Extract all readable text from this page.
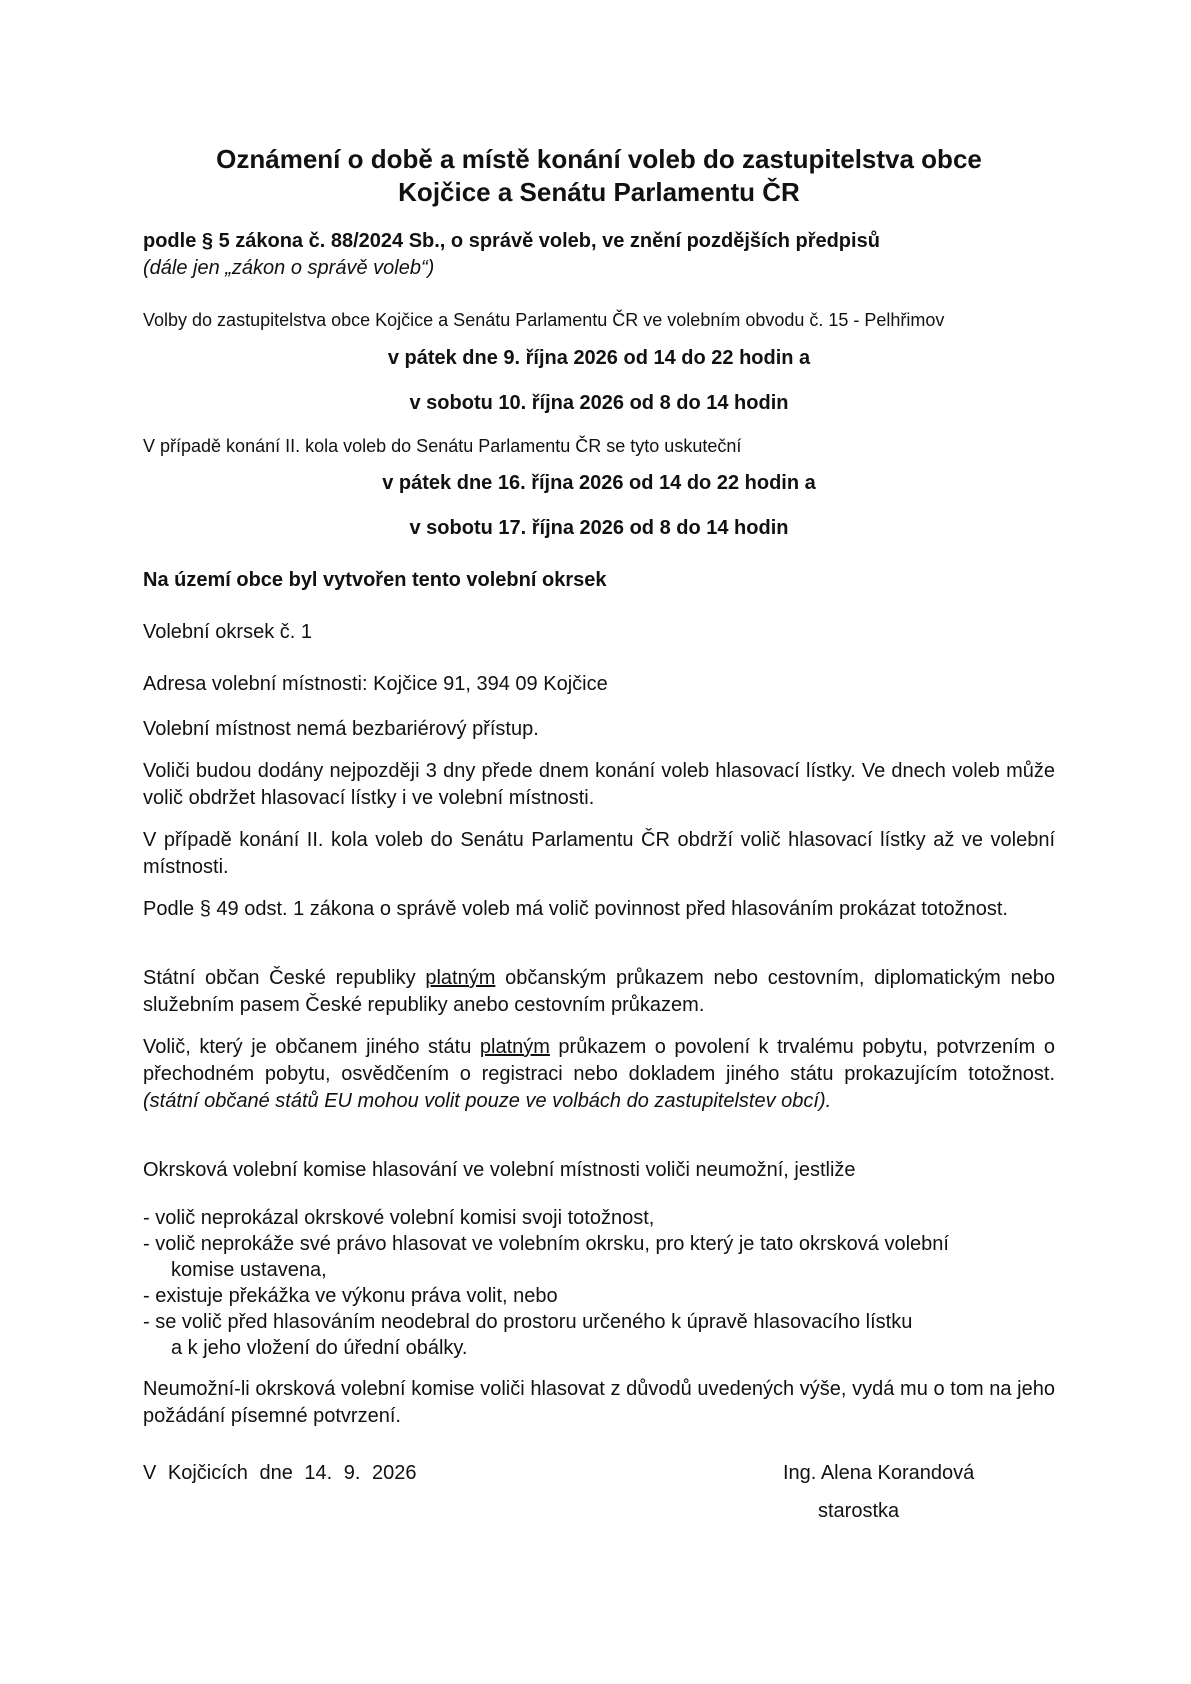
Oznámení o době a místě konání voleb do zastupitelstva obce
Kojčice a Senátu Parlamentu ČR

podle § 5 zákona č. 88/2024 Sb., o správě voleb, ve znění pozdějších předpisů

(dále jen „zákon o správě voleb“)

Volby do zastupitelstva obce Kojčice a Senátu Parlamentu ČR ve volebním obvodu č. 15 - Pelhřimov

v pátek dne 9. října 2026 od 14 do 22 hodin a
v sobotu 10. října 2026 od 8 do 14 hodin

V případě konání II. kola voleb do Senátu Parlamentu ČR se tyto uskuteční

v pátek dne 16. října 2026 od 14 do 22 hodin a
v sobotu 17. října 2026 od 8 do 14 hodin

Na území obce byl vytvořen tento volební okrsek

Volební okrsek č. 1

Adresa volební místnosti: Kojčice 91, 394 09 Kojčice

Volební místnost nemá bezbariérový přístup.

Voliči budou dodány nejpozději 3 dny přede dnem konání voleb hlasovací lístky. Ve dnech voleb může volič obdržet hlasovací lístky i ve volební místnosti.

V případě konání II. kola voleb do Senátu Parlamentu ČR obdrží volič hlasovací lístky až ve volební místnosti.

Podle § 49 odst. 1 zákona o správě voleb má volič povinnost před hlasováním prokázat totožnost.

Státní občan České republiky platným občanským průkazem nebo cestovním, diplomatickým nebo služebním pasem České republiky anebo cestovním průkazem.

Volič, který je občanem jiného státu platným průkazem o povolení k trvalému pobytu, potvrzením o přechodném pobytu, osvědčením o registraci nebo dokladem jiného státu prokazujícím totožnost. (státní občané států EU mohou volit pouze ve volbách do zastupitelstev obcí).

Okrsková volební komise hlasování ve volební místnosti voliči neumožní, jestliže

- volič neprokázal okrskové volební komisi svoji totožnost,
- volič neprokáže své právo hlasovat ve volebním okrsku, pro který je tato okrsková volební
komise ustavena,
- existuje překážka ve výkonu práva volit, nebo
- se volič před hlasováním neodebral do prostoru určeného k úpravě hlasovacího lístku
a k jeho vložení do úřední obálky.

Neumožní-li okrsková volební komise voliči hlasovat z důvodů uvedených výše, vydá mu o tom na jeho požádání písemné potvrzení.

V Kojčicích dne 14. 9. 2026	Ing. Alena Korandová
starostka
